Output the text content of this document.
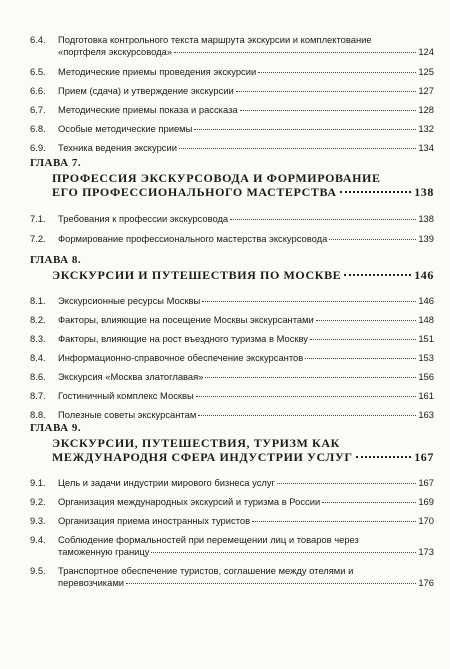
6.4.	Подготовка контрольного текста маршрута экскурсии и комплектование
«портфеля экскурсовода»	124
6.5.	Методические приемы проведения экскурсии	125
6.6.	Прием (сдача) и утверждение экскурсии	127
6.7.	Методические приемы показа и рассказа	128
6.8.	Особые методические приемы	132
6.9.	Техника ведения экскурсии	134
ГЛАВА 7.
ПРОФЕССИЯ ЭКСКУРСОВОДА И ФОРМИРОВАНИЕ
ЕГО ПРОФЕССИОНАЛЬНОГО МАСТЕРСТВА	138
7.1.	Требования к профессии экскурсовода	138
7.2.	Формирование профессионального мастерства экскурсовода	139
ГЛАВА 8.
ЭКСКУРСИИ И ПУТЕШЕСТВИЯ ПО МОСКВЕ	146
8.1.	Экскурсионные ресурсы Москвы	146
8.2.	Факторы, влияющие на посещение Москвы экскурсантами	148
8.3.	Факторы, влияющие на рост въездного туризма в Москву	151
8.4.	Информационно-справочное обеспечение экскурсантов	153
8.6.	Экскурсия «Москва златоглавая»	156
8.7.	Гостиничный комплекс Москвы	161
8.8.	Полезные советы экскурсантам	163
ГЛАВА 9.
ЭКСКУРСИИ, ПУТЕШЕСТВИЯ, ТУРИЗМ КАК
МЕЖДУНАРОДНЯ СФЕРА ИНДУСТРИИ УСЛУГ	167
9.1.	Цель и задачи индустрии мирового бизнеса услуг	167
9.2.	Организация международных экскурсий и туризма в России	169
9.3.	Организация приема иностранных туристов	170
9.4.	Соблюдение формальностей при перемещении лиц и товаров через
таможенную границу	173
9.5.	Транспортное обеспечение туристов, соглашение между отелями и
перевозчиками	176
